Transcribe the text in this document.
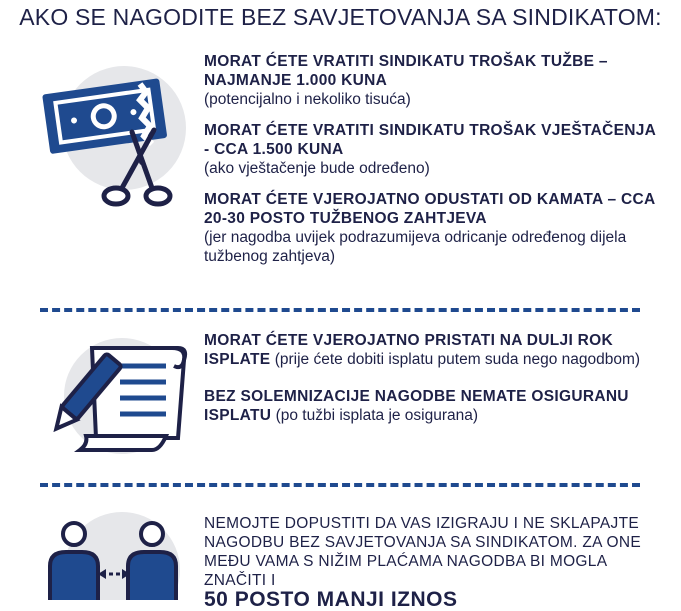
AKO SE NAGODITE BEZ SAVJETOVANJA SA SINDIKATOM:
MORAT ĆETE VRATITI SINDIKATU TROŠAK TUŽBE – NAJMANJE 1.000 KUNA
(potencijalno i nekoliko tisuća)
MORAT ĆETE VRATITI SINDIKATU TROŠAK VJEŠTAČENJA - CCA 1.500 KUNA
(ako vještačenje bude određeno)
MORAT ĆETE VJEROJATNO ODUSTATI OD KAMATA – CCA 20-30 POSTO TUŽBENOG ZAHTJEVA
(jer nagodba uvijek podrazumijeva odricanje određenog dijela tužbenog zahtjeva)
MORAT ĆETE VJEROJATNO PRISTATI NA DULJI ROK ISPLATE (prije ćete dobiti isplatu putem suda nego nagodbom)
BEZ SOLEMNIZACIJE NAGODBE NEMATE OSIGURANU ISPLATU (po tužbi isplata je osigurana)
NEMOJTE DOPUSTITI DA VAS IZIGRAJU I NE SKLAPAJTE NAGODBU BEZ SAVJETOVANJA SA SINDIKATOM. ZA ONE MEĐU VAMA S NIŽIM PLAĆAMA NAGODBA BI MOGLA ZNAČITI I
50 POSTO MANJI IZNOS
